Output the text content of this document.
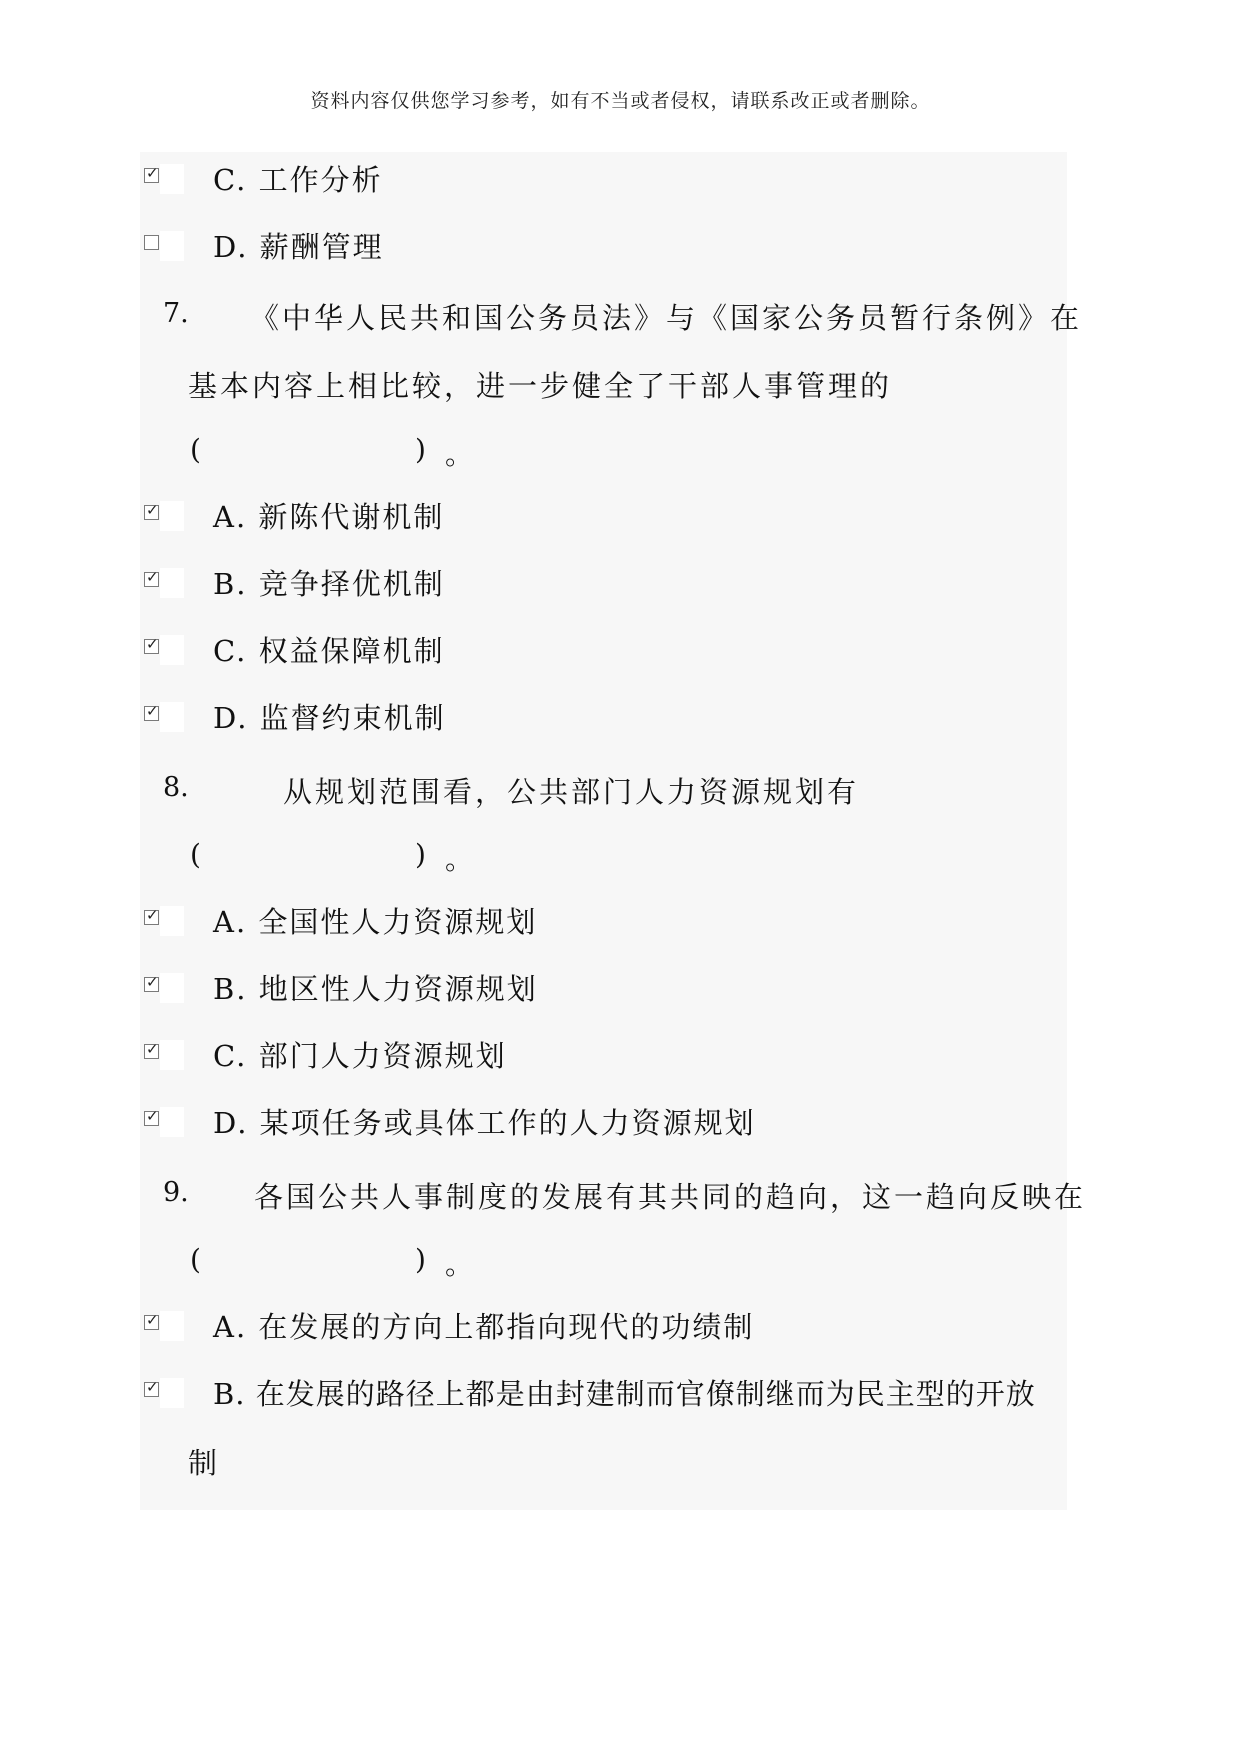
资料内容仅供您学习参考，如有不当或者侵权，请联系改正或者删除。
✓
C. 工作分析
D. 薪酬管理
7. 《中华人民共和国公务员法》与《国家公务员暂行条例》在
基本内容上相比较，进一步健全了干部人事管理的
(	) 。
✓
A. 新陈代谢机制
✓
B. 竞争择优机制
✓
C. 权益保障机制
✓
D. 监督约束机制
8.	从规划范围看，公共部门人力资源规划有
(	) 。
✓
A. 全国性人力资源规划
✓
B. 地区性人力资源规划
✓
C. 部门人力资源规划
✓
D. 某项任务或具体工作的人力资源规划
9. 各国公共人事制度的发展有其共同的趋向，这一趋向反映在
(	) 。
✓
A. 在发展的方向上都指向现代的功绩制
✓
B. 在发展的路径上都是由封建制而官僚制继而为民主型的开放
制
